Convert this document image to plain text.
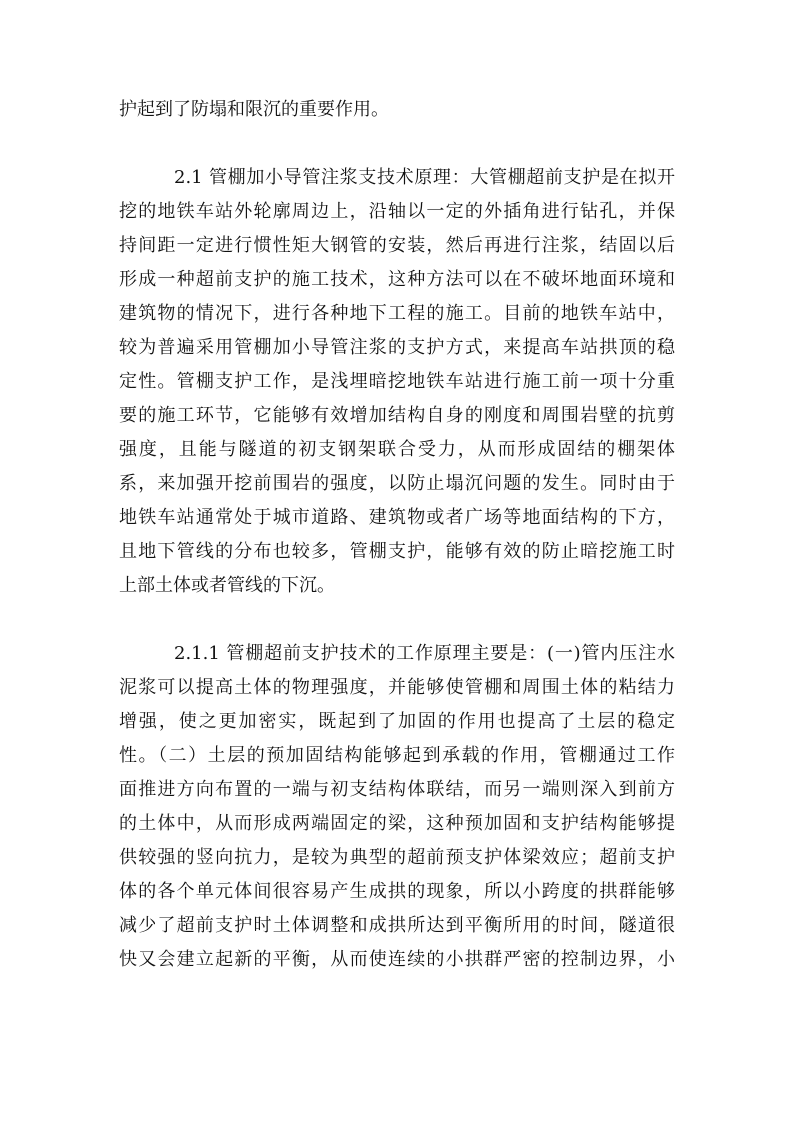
护起到了防塌和限沉的重要作用。
2.1 管棚加小导管注浆支技术原理：大管棚超前支护是在拟开
挖的地铁车站外轮廓周边上，沿轴以一定的外插角进行钻孔，并保
持间距一定进行惯性矩大钢管的安装，然后再进行注浆，结固以后
形成一种超前支护的施工技术，这种方法可以在不破坏地面环境和
建筑物的情况下，进行各种地下工程的施工。目前的地铁车站中，
较为普遍采用管棚加小导管注浆的支护方式，来提高车站拱顶的稳
定性。管棚支护工作，是浅埋暗挖地铁车站进行施工前一项十分重
要的施工环节，它能够有效增加结构自身的刚度和周围岩壁的抗剪
强度，且能与隧道的初支钢架联合受力，从而形成固结的棚架体
系，来加强开挖前围岩的强度，以防止塌沉问题的发生。同时由于
地铁车站通常处于城市道路、建筑物或者广场等地面结构的下方，
且地下管线的分布也较多，管棚支护，能够有效的防止暗挖施工时
上部土体或者管线的下沉。
2.1.1 管棚超前支护技术的工作原理主要是：(一)管内压注水
泥浆可以提高土体的物理强度，并能够使管棚和周围土体的粘结力
增强，使之更加密实，既起到了加固的作用也提高了土层的稳定
性。（二）土层的预加固结构能够起到承载的作用，管棚通过工作
面推进方向布置的一端与初支结构体联结，而另一端则深入到前方
的土体中，从而形成两端固定的梁，这种预加固和支护结构能够提
供较强的竖向抗力，是较为典型的超前预支护体梁效应；超前支护
体的各个单元体间很容易产生成拱的现象，所以小跨度的拱群能够
减少了超前支护时土体调整和成拱所达到平衡所用的时间，隧道很
快又会建立起新的平衡，从而使连续的小拱群严密的控制边界，小
